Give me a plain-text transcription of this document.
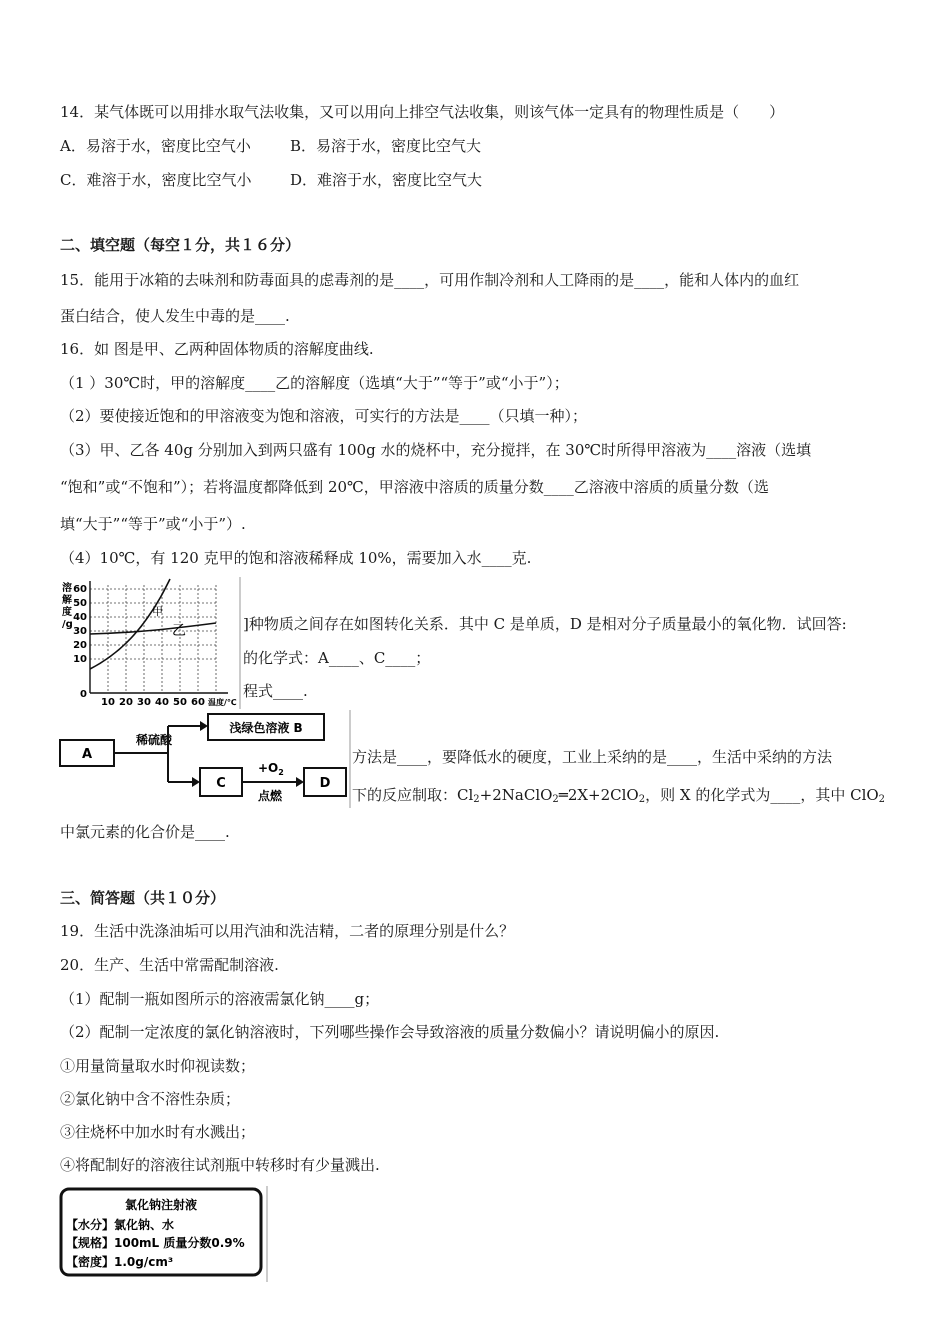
14．某气体既可以用排水取气法收集，又可以用向上排空气法收集，则该气体一定具有的物理性质是（　　）
A．易溶于水，密度比空气小	B．易溶于水，密度比空气大
C．难溶于水，密度比空气小	D．难溶于水，密度比空气大
二、填空题（每空１分，共１６分）
15．能用于冰箱的去味剂和防毒面具的虑毒剂的是____，可用作制冷剂和人工降雨的是____，能和人体内的血红
蛋白结合，使人发生中毒的是____.
16．如 图是甲、乙两种固体物质的溶解度曲线.
（1 ）30℃时，甲的溶解度____乙的溶解度（选填“大于”“等于”或“小于”）；
（2）要使接近饱和的甲溶液变为饱和溶液，可实行的方法是____（只填一种）；
（3）甲、乙各 40g 分别加入到两只盛有 100g 水的烧杯中，充分搅拌，在 30℃时所得甲溶液为____溶液（选填
“饱和”或“不饱和”）；若将温度都降低到 20℃，甲溶液中溶质的质量分数____乙溶液中溶质的质量分数（选
填“大于”“等于”或“小于”）.
（4）10℃，有 120 克甲的饱和溶液稀释成 10%，需要加入水____克.
]种物质之间存在如图转化关系．其中 C 是单质，D 是相对分子质量最小的氧化物．试回答:
的化学式：A____、C____；
程式____.
方法是____，要降低水的硬度，工业上采纳的是____，生活中采纳的方法
下的反应制取：$Cl_2+2NaClO_2═2X+2ClO_2$，则 X 的化学式为____，其中 ClO$_2$
中氯元素的化合价是____.
三、简答题（共１０分）
19．生活中洗涤油垢可以用汽油和洗洁精，二者的原理分别是什么？
20．生产、生活中常需配制溶液.
（1）配制一瓶如图所示的溶液需氯化钠____g；
（2）配制一定浓度的氯化钠溶液时，下列哪些操作会导致溶液的质量分数偏小？请说明偏小的原因.
①用量筒量取水时仰视读数；
②氯化钠中含不溶性杂质；
③往烧杯中加水时有水溅出；
④将配制好的溶液往试剂瓶中转移时有少量溅出.
溶
解
度
/g
60
50
40
30
20
10
0
10 20 30 40 50 60 温度/℃
甲
乙
A
稀硫酸
浅绿色溶液 B
C
$+O_2$
点燃
D
氯化钠注射液
【水分】氯化钠、水
【规格】100mL 质量分数0.9%
【密度】1.0g/cm³
